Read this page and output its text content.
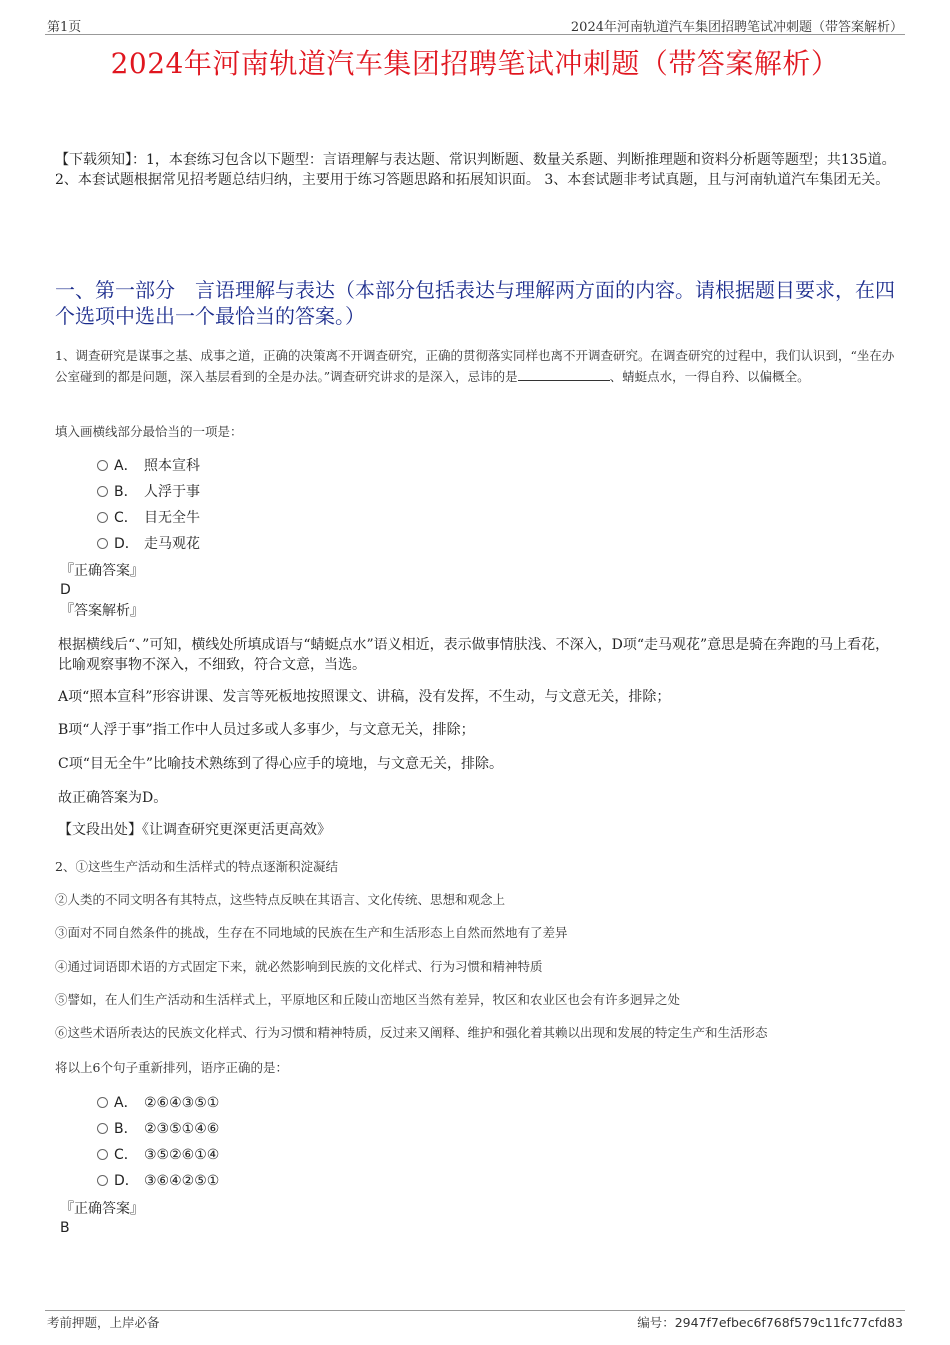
第1页	2024年河南轨道汽车集团招聘笔试冲刺题（带答案解析）
2024年河南轨道汽车集团招聘笔试冲刺题（带答案解析）
【下载须知】：1，本套练习包含以下题型：言语理解与表达题、常识判断题、数量关系题、判断推理题和资料分析题等题型；共135道。 2、本套试题根据常见招考题总结归纳，主要用于练习答题思路和拓展知识面。 3、本套试题非考试真题，且与河南轨道汽车集团无关。
一、第一部分　言语理解与表达（本部分包括表达与理解两方面的内容。请根据题目要求，在四个选项中选出一个最恰当的答案。）
1、调查研究是谋事之基、成事之道，正确的决策离不开调查研究，正确的贯彻落实同样也离不开调查研究。在调查研究的过程中，我们认识到，“坐在办公室碰到的都是问题，深入基层看到的全是办法。”调查研究讲求的是深入，忌讳的是	、蜻蜓点水，一得自矜、以偏概全。
填入画横线部分最恰当的一项是：
A． 照本宣科
B． 人浮于事
C． 目无全牛
D． 走马观花
『正确答案』
D
『答案解析』
根据横线后“、”可知，横线处所填成语与“蜻蜓点水”语义相近，表示做事情肤浅、不深入，D项“走马观花”意思是骑在奔跑的马上看花，比喻观察事物不深入，不细致，符合文意，当选。
A项“照本宣科”形容讲课、发言等死板地按照课文、讲稿，没有发挥，不生动，与文意无关，排除；
B项“人浮于事”指工作中人员过多或人多事少，与文意无关，排除；
C项“目无全牛”比喻技术熟练到了得心应手的境地，与文意无关，排除。
故正确答案为D。
【文段出处】《让调查研究更深更活更高效》
2、①这些生产活动和生活样式的特点逐渐积淀凝结
②人类的不同文明各有其特点，这些特点反映在其语言、文化传统、思想和观念上
③面对不同自然条件的挑战，生存在不同地域的民族在生产和生活形态上自然而然地有了差异
④通过词语即术语的方式固定下来，就必然影响到民族的文化样式、行为习惯和精神特质
⑤譬如，在人们生产活动和生活样式上，平原地区和丘陵山峦地区当然有差异，牧区和农业区也会有许多迥异之处
⑥这些术语所表达的民族文化样式、行为习惯和精神特质，反过来又阐释、维护和强化着其赖以出现和发展的特定生产和生活形态
将以上6个句子重新排列，语序正确的是：
A． ②⑥④③⑤①
B． ②③⑤①④⑥
C． ③⑤②⑥①④
D． ③⑥④②⑤①
『正确答案』
B
考前押题，上岸必备	编号：2947f7efbec6f768f579c11fc77cfd83
